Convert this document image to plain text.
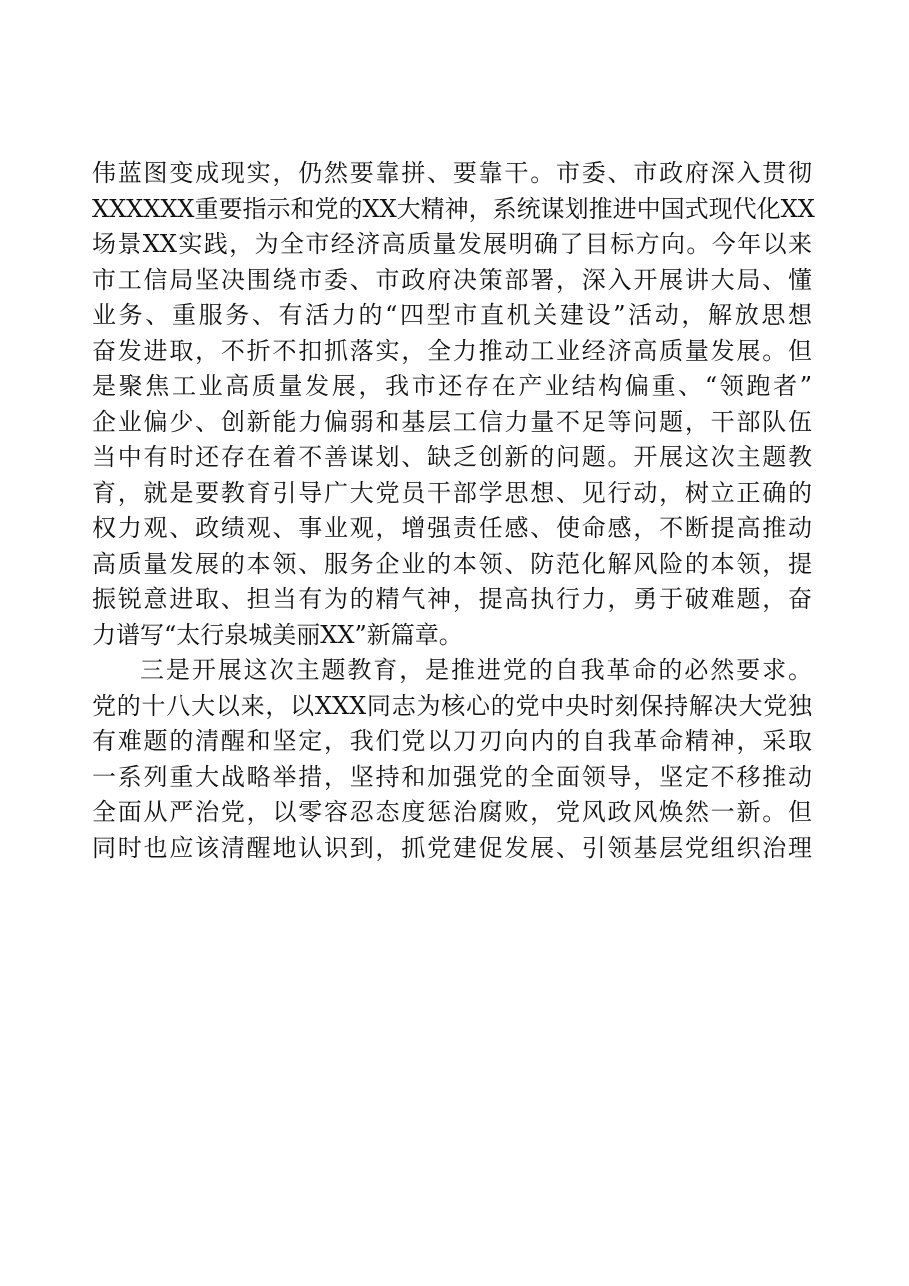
伟蓝图变成现实，仍然要靠拼、要靠干。市委、市政府深入贯彻
XXXXXX重要指示和党的XX大精神，系统谋划推进中国式现代化XX
场景XX实践，为全市经济高质量发展明确了目标方向。今年以来
市工信局坚决围绕市委、市政府决策部署，深入开展讲大局、懂
业务、重服务、有活力的“四型市直机关建设”活动，解放思想
奋发进取，不折不扣抓落实，全力推动工业经济高质量发展。但
是聚焦工业高质量发展，我市还存在产业结构偏重、“领跑者”
企业偏少、创新能力偏弱和基层工信力量不足等问题，干部队伍
当中有时还存在着不善谋划、缺乏创新的问题。开展这次主题教
育，就是要教育引导广大党员干部学思想、见行动，树立正确的
权力观、政绩观、事业观，增强责任感、使命感，不断提高推动
高质量发展的本领、服务企业的本领、防范化解风险的本领，提
振锐意进取、担当有为的精气神，提高执行力，勇于破难题，奋
力谱写“太行泉城美丽XX”新篇章。
三是开展这次主题教育，是推进党的自我革命的必然要求。
党的十八大以来，以XXX同志为核心的党中央时刻保持解决大党独
有难题的清醒和坚定，我们党以刀刃向内的自我革命精神，采取
一系列重大战略举措，坚持和加强党的全面领导，坚定不移推动
全面从严治党，以零容忍态度惩治腐败，党风政风焕然一新。但
同时也应该清醒地认识到，抓党建促发展、引领基层党组织治理
